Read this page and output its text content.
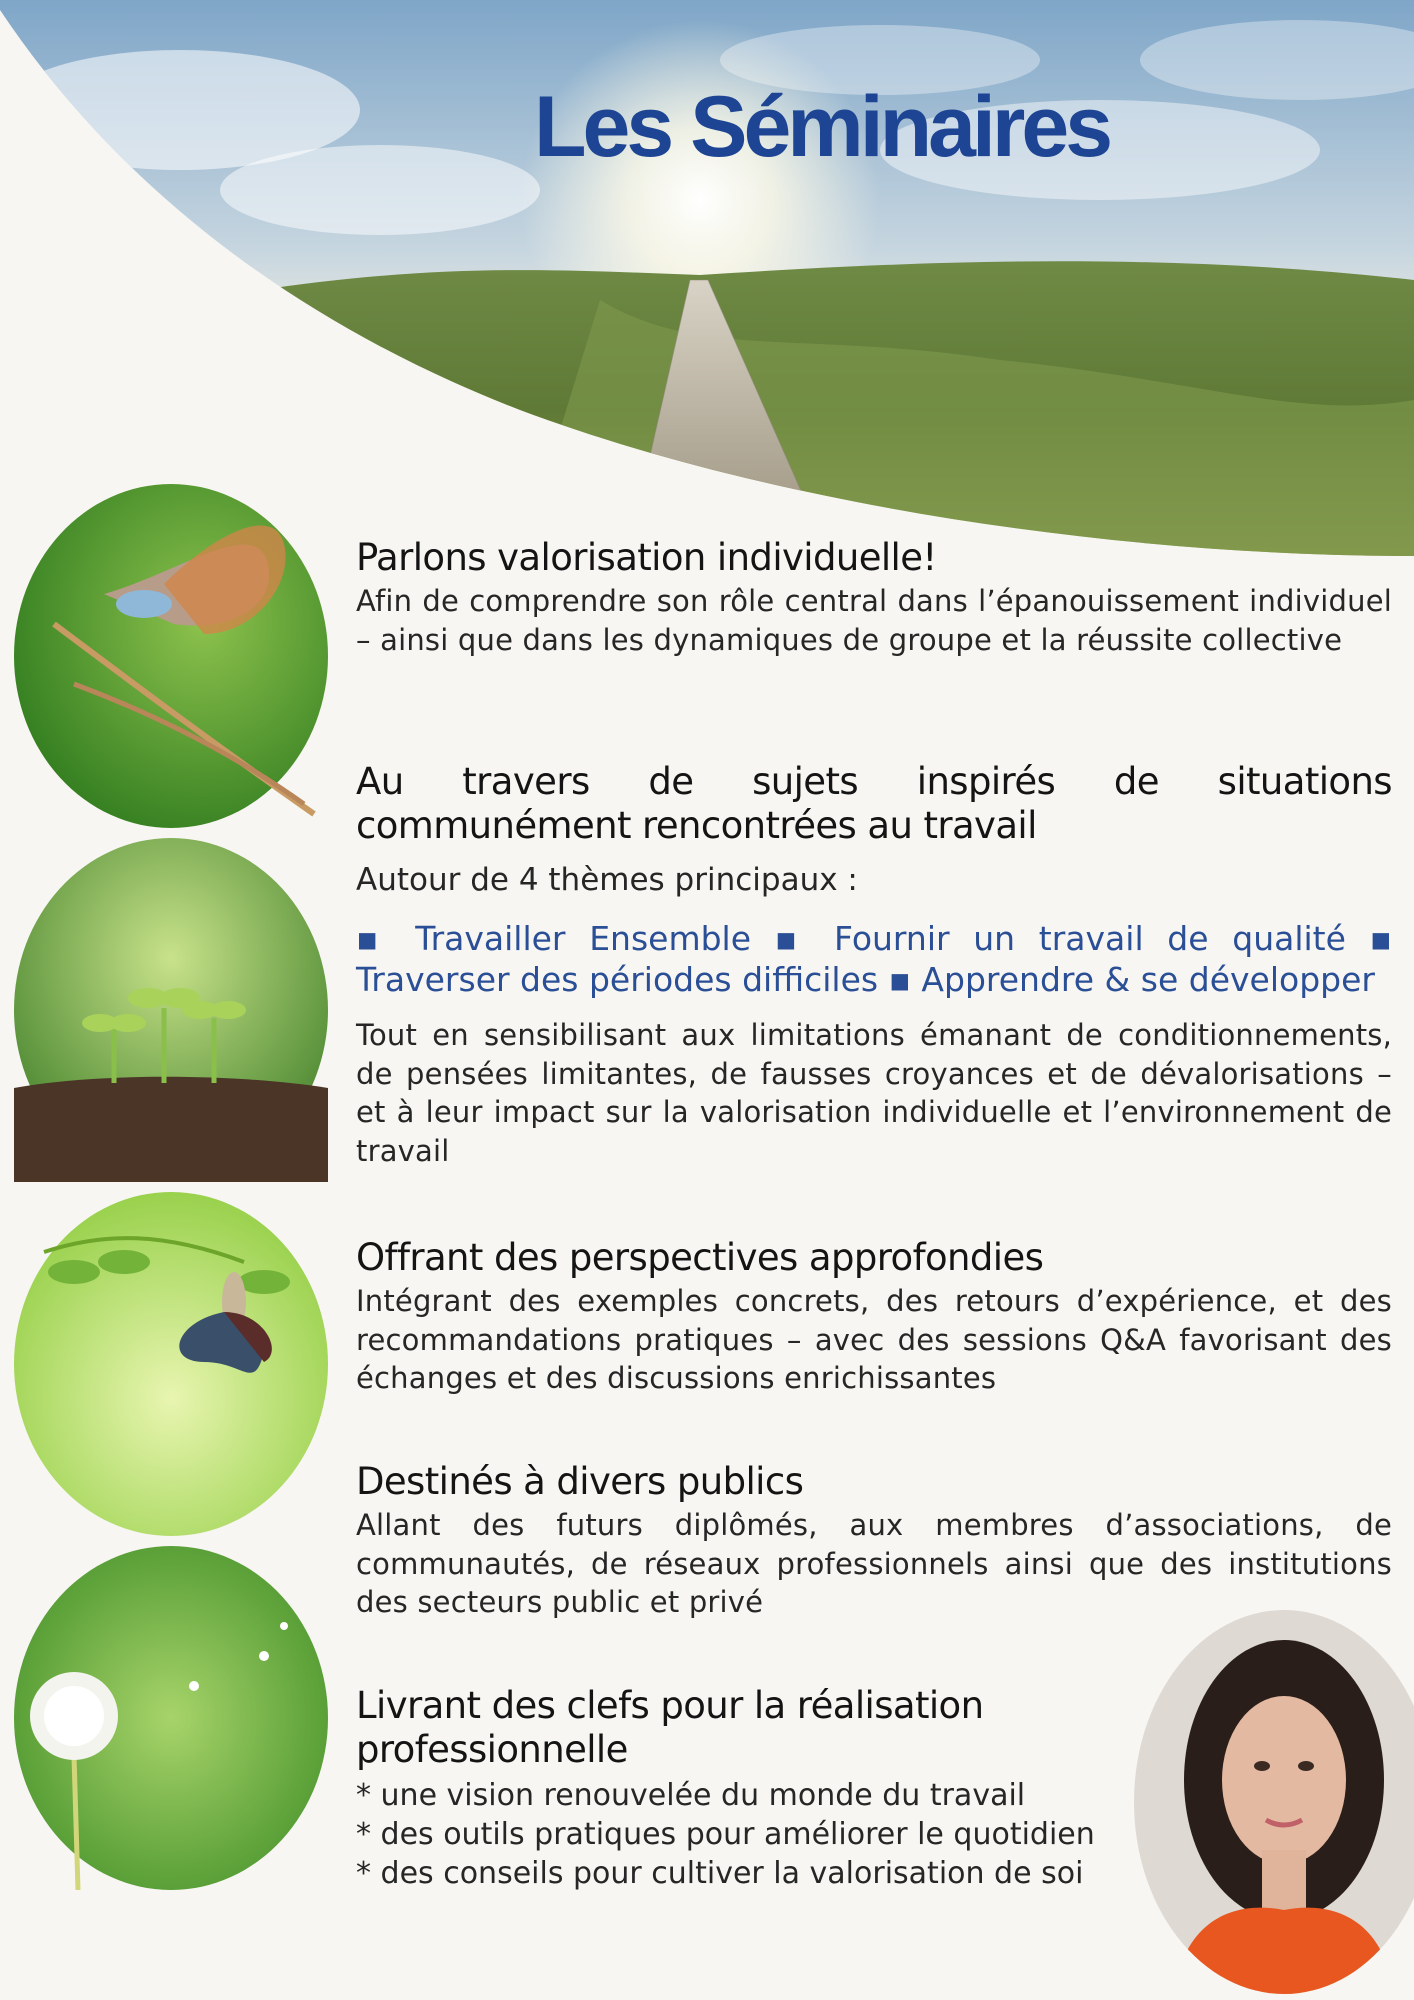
Les Séminaires
Parlons valorisation individuelle!

Afin de comprendre son rôle central dans l’épanouissement individuel – ainsi que dans les dynamiques de groupe et la réussite collective

Au travers de sujets inspirés de situations communément rencontrées au travail

Autour de 4 thèmes principaux :

▪ Travailler Ensemble ▪ Fournir un travail de qualité ▪ Traverser des périodes difficiles ▪ Apprendre & se développer

Tout en sensibilisant aux limitations émanant de conditionnements, de pensées limitantes, de fausses croyances et de dévalorisations – et à leur impact sur la valorisation individuelle et l’environnement de travail

Offrant des perspectives approfondies

Intégrant des exemples concrets, des retours d’expérience, et des recommandations pratiques – avec des sessions Q&A favorisant des échanges et des discussions enrichissantes

Destinés à divers publics

Allant des futurs diplômés, aux membres d’associations, de communautés, de réseaux professionnels ainsi que des institutions des secteurs public et privé

Livrant des clefs pour la réalisation professionnelle
* une vision renouvelée du monde du travail
* des outils pratiques pour améliorer le quotidien
* des conseils pour cultiver la valorisation de soi
